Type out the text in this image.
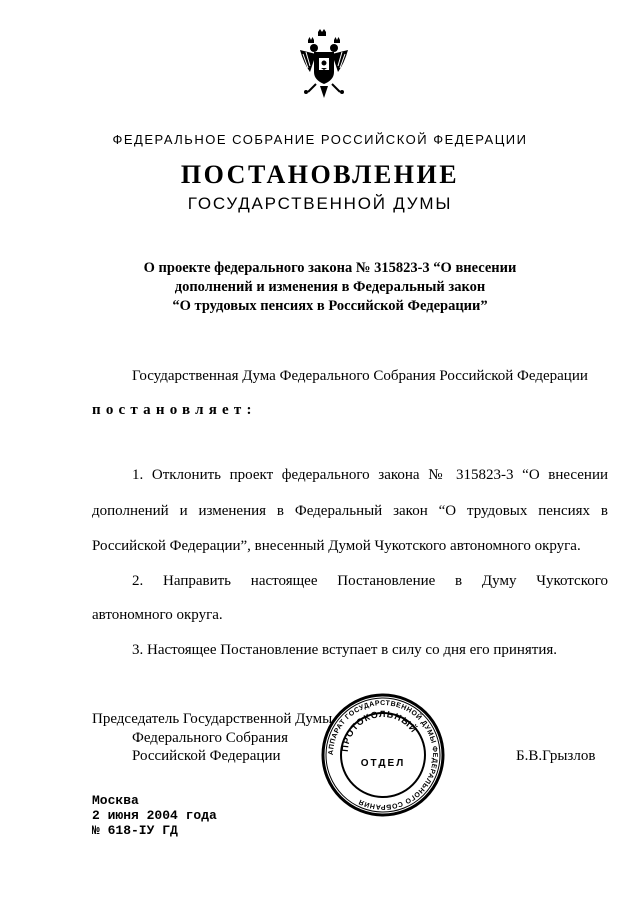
ФЕДЕРАЛЬНОЕ СОБРАНИЕ РОССИЙСКОЙ ФЕДЕРАЦИИ
ПОСТАНОВЛЕНИЕ
ГОСУДАРСТВЕННОЙ ДУМЫ
О проекте федерального закона № 315823-3 “О внесении
дополнений и изменения в Федеральный закон
“О трудовых пенсиях в Российской Федерации”
Государственная Дума Федерального Собрания Российской Федерации
постановляет:
1. Отклонить проект федерального закона № 315823-3 “О внесении
дополнений и изменения в Федеральный закон “О трудовых пенсиях в
Российской Федерации”, внесенный Думой Чукотского автономного округа.
2. Направить настоящее Постановление в Думу Чукотского
автономного округа.
3. Настоящее Постановление вступает в силу со дня его принятия.
Председатель Государственной Думы
Федерального Собрания
Российской Федерации	Б.В.Грызлов
АППАРАТ ГОСУДАРСТВЕННОЙ ДУМЫ ФЕДЕРАЛЬНОГО СОБРАНИЯ
ПРОТОКОЛЬНЫЙ
ОТДЕЛ
Москва
2 июня 2004 года
№ 618-IУ ГД
